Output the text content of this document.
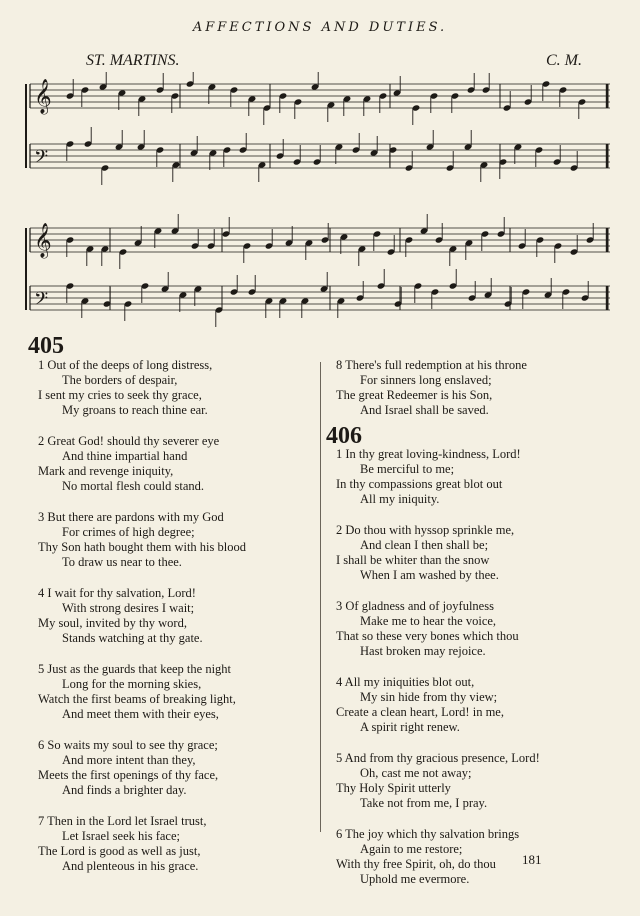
AFFECTIONS AND DUTIES.
ST. MARTINS.	C. M.
𝄞
𝄢
𝄞
𝄢
405
406
1 Out of the deeps of long distress,
The borders of despair,
I sent my cries to seek thy grace,
My groans to reach thine ear.
2 Great God! should thy severer eye
And thine impartial hand
Mark and revenge iniquity,
No mortal flesh could stand.
3 But there are pardons with my God
For crimes of high degree;
Thy Son hath bought them with his blood
To draw us near to thee.
4 I wait for thy salvation, Lord!
With strong desires I wait;
My soul, invited by thy word,
Stands watching at thy gate.
5 Just as the guards that keep the night
Long for the morning skies,
Watch the first beams of breaking light,
And meet them with their eyes,
6 So waits my soul to see thy grace;
And more intent than they,
Meets the first openings of thy face,
And finds a brighter day.
7 Then in the Lord let Israel trust,
Let Israel seek his face;
The Lord is good as well as just,
And plenteous in his grace.
8 There's full redemption at his throne
For sinners long enslaved;
The great Redeemer is his Son,
And Israel shall be saved.
1 In thy great loving-kindness, Lord!
Be merciful to me;
In thy compassions great blot out
All my iniquity.
2 Do thou with hyssop sprinkle me,
And clean I then shall be;
I shall be whiter than the snow
When I am washed by thee.
3 Of gladness and of joyfulness
Make me to hear the voice,
That so these very bones which thou
Hast broken may rejoice.
4 All my iniquities blot out,
My sin hide from thy view;
Create a clean heart, Lord! in me,
A spirit right renew.
5 And from thy gracious presence, Lord!
Oh, cast me not away;
Thy Holy Spirit utterly
Take not from me, I pray.
6 The joy which thy salvation brings
Again to me restore;
With thy free Spirit, oh, do thou
Uphold me evermore.
181
